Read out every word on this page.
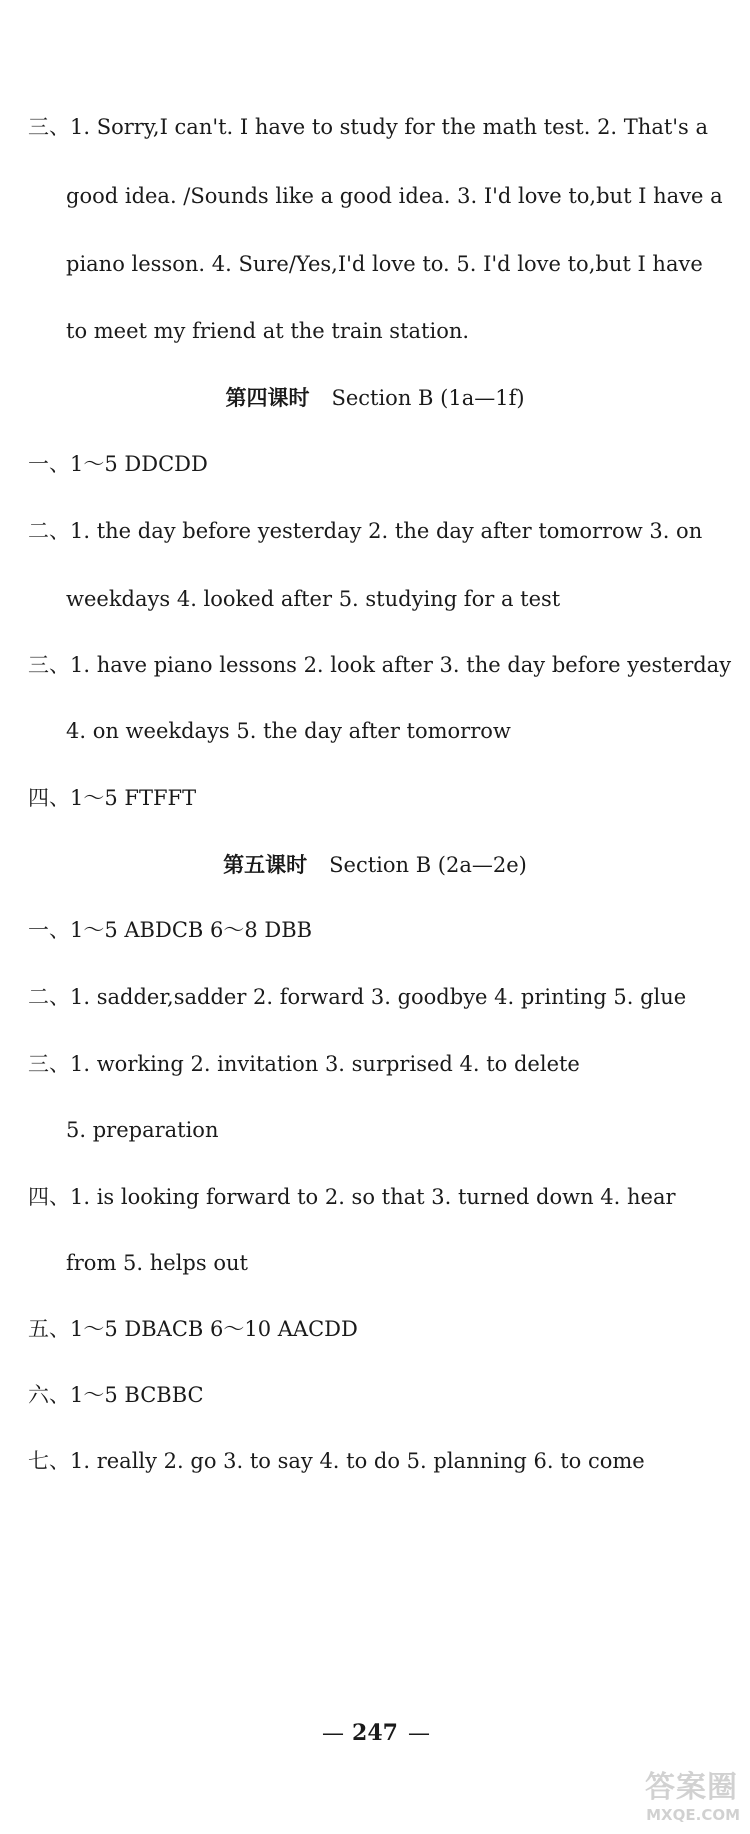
三、1. Sorry,I can't. I have to study for the math test. 2. That's a
good idea. /Sounds like a good idea. 3. I'd love to,but I have a
piano lesson. 4. Sure/Yes,I'd love to. 5. I'd love to,but I have
to meet my friend at the train station.
第四课时 Section B (1a—1f)
一、1～5 DDCDD
二、1. the day before yesterday 2. the day after tomorrow 3. on
weekdays 4. looked after 5. studying for a test
三、1. have piano lessons 2. look after 3. the day before yesterday
4. on weekdays 5. the day after tomorrow
四、1～5 FTFFT
第五课时 Section B (2a—2e)
一、1～5 ABDCB 6～8 DBB
二、1. sadder,sadder 2. forward 3. goodbye 4. printing 5. glue
三、1. working 2. invitation 3. surprised 4. to delete
5. preparation
四、1. is looking forward to 2. so that 3. turned down 4. hear
from 5. helps out
五、1～5 DBACB 6～10 AACDD
六、1～5 BCBBC
七、1. really 2. go 3. to say 4. to do 5. planning 6. to come
— 247 —
答案圈
MXQE.COM
